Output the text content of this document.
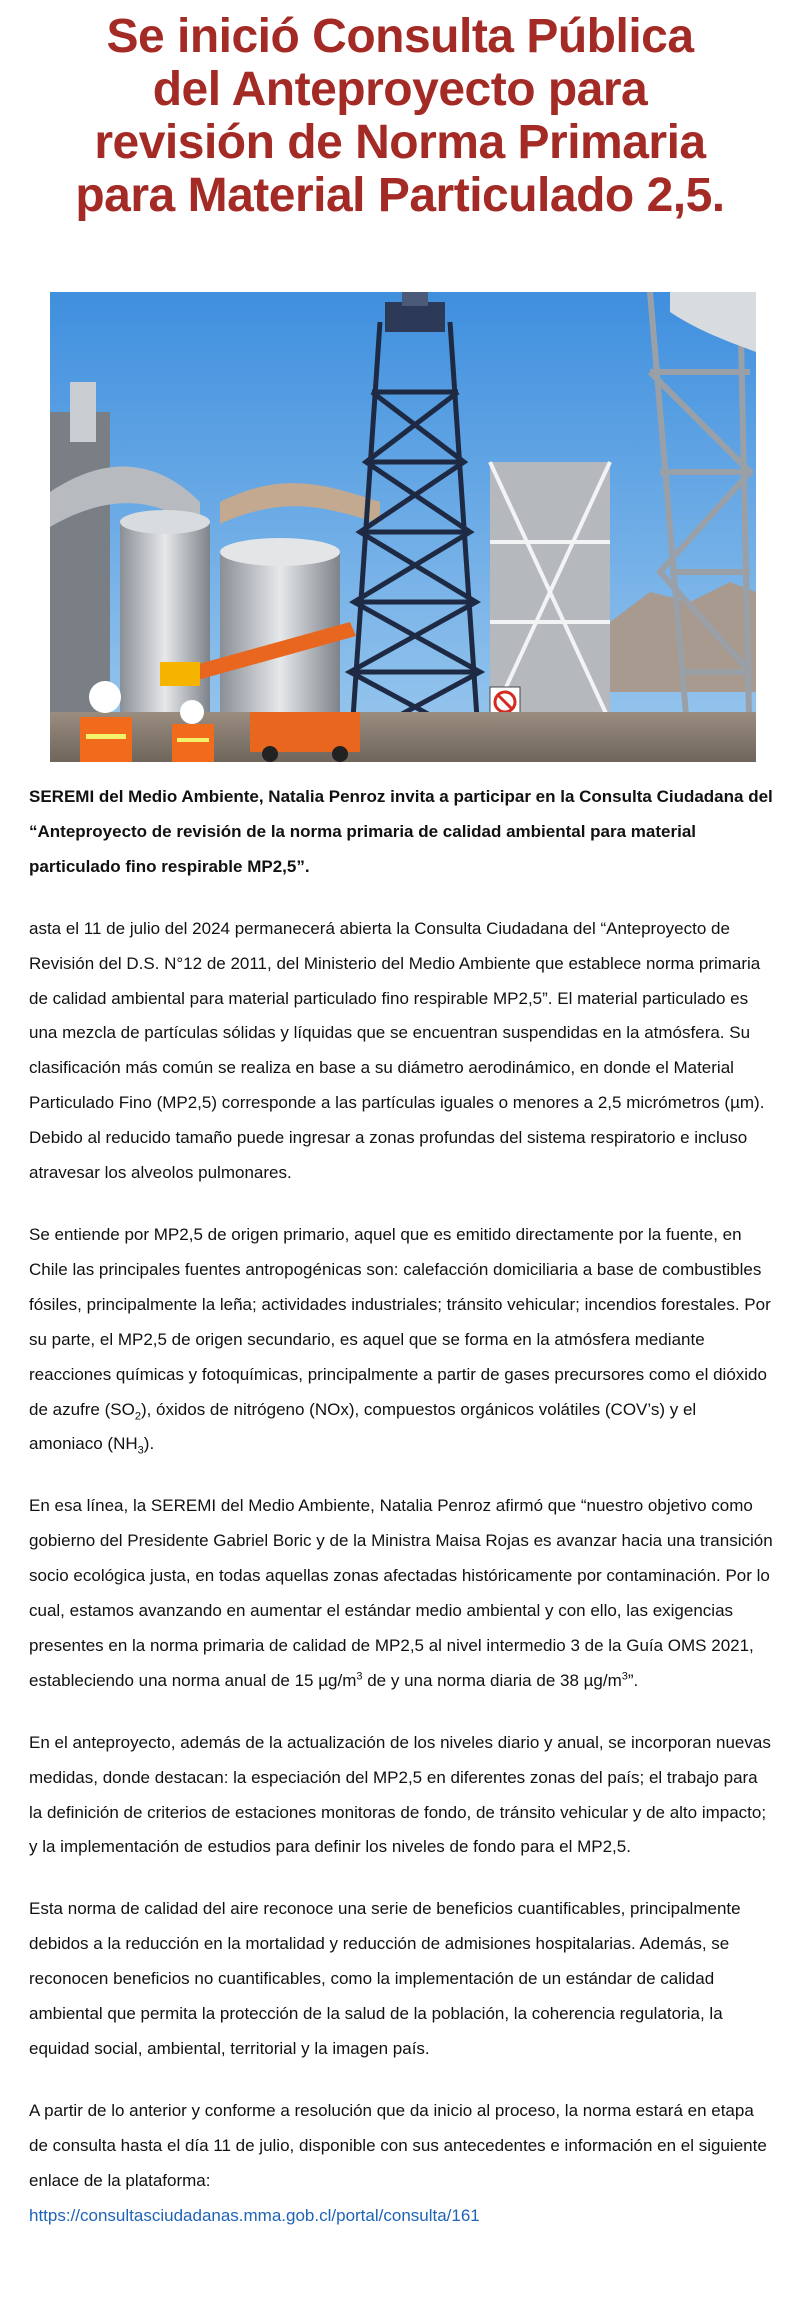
Se inició Consulta Pública del Anteproyecto para revisión de Norma Primaria para Material Particulado 2,5.

SEREMI del Medio Ambiente, Natalia Penroz invita a participar en la Consulta Ciudadana del “Anteproyecto de revisión de la norma primaria de calidad ambiental para material particulado fino respirable MP2,5”.

asta el 11 de julio del 2024 permanecerá abierta la Consulta Ciudadana del “Anteproyecto de Revisión del D.S. N°12 de 2011, del Ministerio del Medio Ambiente que establece norma primaria de calidad ambiental para material particulado fino respirable MP2,5”. El material particulado es una mezcla de partículas sólidas y líquidas que se encuentran suspendidas en la atmósfera. Su clasificación más común se realiza en base a su diámetro aerodinámico, en donde el Material Particulado Fino (MP2,5) corresponde a las partículas iguales o menores a 2,5 micrómetros (µm). Debido al reducido tamaño puede ingresar a zonas profundas del sistema respiratorio e incluso atravesar los alveolos pulmonares.

Se entiende por MP2,5 de origen primario, aquel que es emitido directamente por la fuente, en Chile las principales fuentes antropogénicas son: calefacción domiciliaria a base de combustibles fósiles, principalmente la leña; actividades industriales; tránsito vehicular; incendios forestales. Por su parte, el MP2,5 de origen secundario, es aquel que se forma en la atmósfera mediante reacciones químicas y fotoquímicas, principalmente a partir de gases precursores como el dióxido de azufre $(SO_2)$, óxidos de nitrógeno (NOx), compuestos orgánicos volátiles (COV’s) y el amoniaco $(NH_3)$.

En esa línea, la SEREMI del Medio Ambiente, Natalia Penroz afirmó que “nuestro objetivo como gobierno del Presidente Gabriel Boric y de la Ministra Maisa Rojas es avanzar hacia una transición socio ecológica justa, en todas aquellas zonas afectadas históricamente por contaminación. Por lo cual, estamos avanzando en aumentar el estándar medio ambiental y con ello, las exigencias presentes en la norma primaria de calidad de MP2,5 al nivel intermedio 3 de la Guía OMS 2021, estableciendo una norma anual de 15 $\mu g/m^3$ de y una norma diaria de 38 $\mu g/m^3$”.

En el anteproyecto, además de la actualización de los niveles diario y anual, se incorporan nuevas medidas, donde destacan: la especiación del MP2,5 en diferentes zonas del país; el trabajo para la definición de criterios de estaciones monitoras de fondo, de tránsito vehicular y de alto impacto; y la implementación de estudios para definir los niveles de fondo para el MP2,5.

Esta norma de calidad del aire reconoce una serie de beneficios cuantificables, principalmente debidos a la reducción en la mortalidad y reducción de admisiones hospitalarias. Además, se reconocen beneficios no cuantificables, como la implementación de un estándar de calidad ambiental que permita la protección de la salud de la población, la coherencia regulatoria, la equidad social, ambiental, territorial y la imagen país.

A partir de lo anterior y conforme a resolución que da inicio al proceso, la norma estará en etapa de consulta hasta el día 11 de julio, disponible con sus antecedentes e información en el siguiente enlace de la plataforma:
https://consultasciudadanas.mma.gob.cl/portal/consulta/161
